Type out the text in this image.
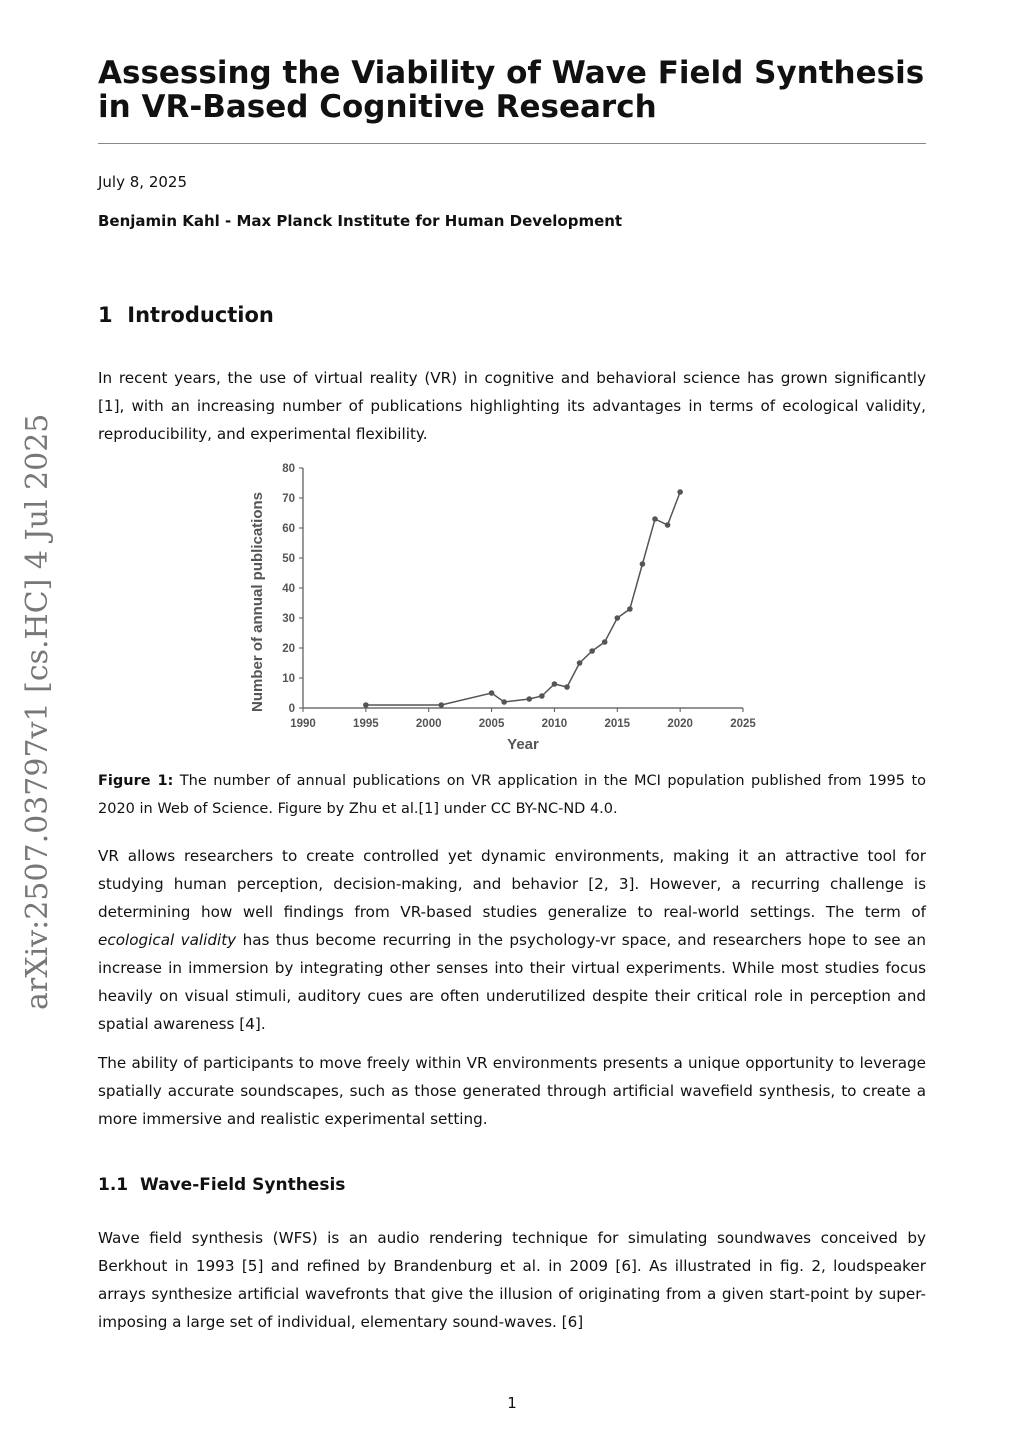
arXiv:2507.03797v1 [cs.HC] 4 Jul 2025
Assessing the Viability of Wave Field Synthesis in VR-Based Cognitive Research
July 8, 2025
Benjamin Kahl - Max Planck Institute for Human Development
1 Introduction

In recent years, the use of virtual reality (VR) in cognitive and behavioral science has grown significantly [1], with an increasing number of publications highlighting its advantages in terms of ecological validity, reproducibility, and experimental flexibility.

1990	1995	2000	2005	2010	2015	2020	2025
0
10
20
30
40
50
60
70
80
Year
Number of annual publications

Figure 1: The number of annual publications on VR application in the MCI population published from 1995 to 2020 in Web of Science. Figure by Zhu et al.[1] under CC BY-NC-ND 4.0.

VR allows researchers to create controlled yet dynamic environments, making it an attractive tool for studying human perception, decision-making, and behavior [2, 3]. However, a recurring challenge is determining how well findings from VR-based studies generalize to real-world settings. The term of ecological validity has thus become recurring in the psychology-vr space, and researchers hope to see an increase in immersion by integrating other senses into their virtual experiments. While most studies focus heavily on visual stimuli, auditory cues are often underutilized despite their critical role in perception and spatial awareness [4].

The ability of participants to move freely within VR environments presents a unique opportunity to leverage spatially accurate soundscapes, such as those generated through artificial wavefield synthesis, to create a more immersive and realistic experimental setting.

1.1 Wave-Field Synthesis

Wave field synthesis (WFS) is an audio rendering technique for simulating soundwaves conceived by Berkhout in 1993 [5] and refined by Brandenburg et al. in 2009 [6]. As illustrated in fig. 2, loudspeaker arrays synthesize artificial wavefronts that give the illusion of originating from a given start-point by super-imposing a large set of individual, elementary sound-waves. [6]

1
